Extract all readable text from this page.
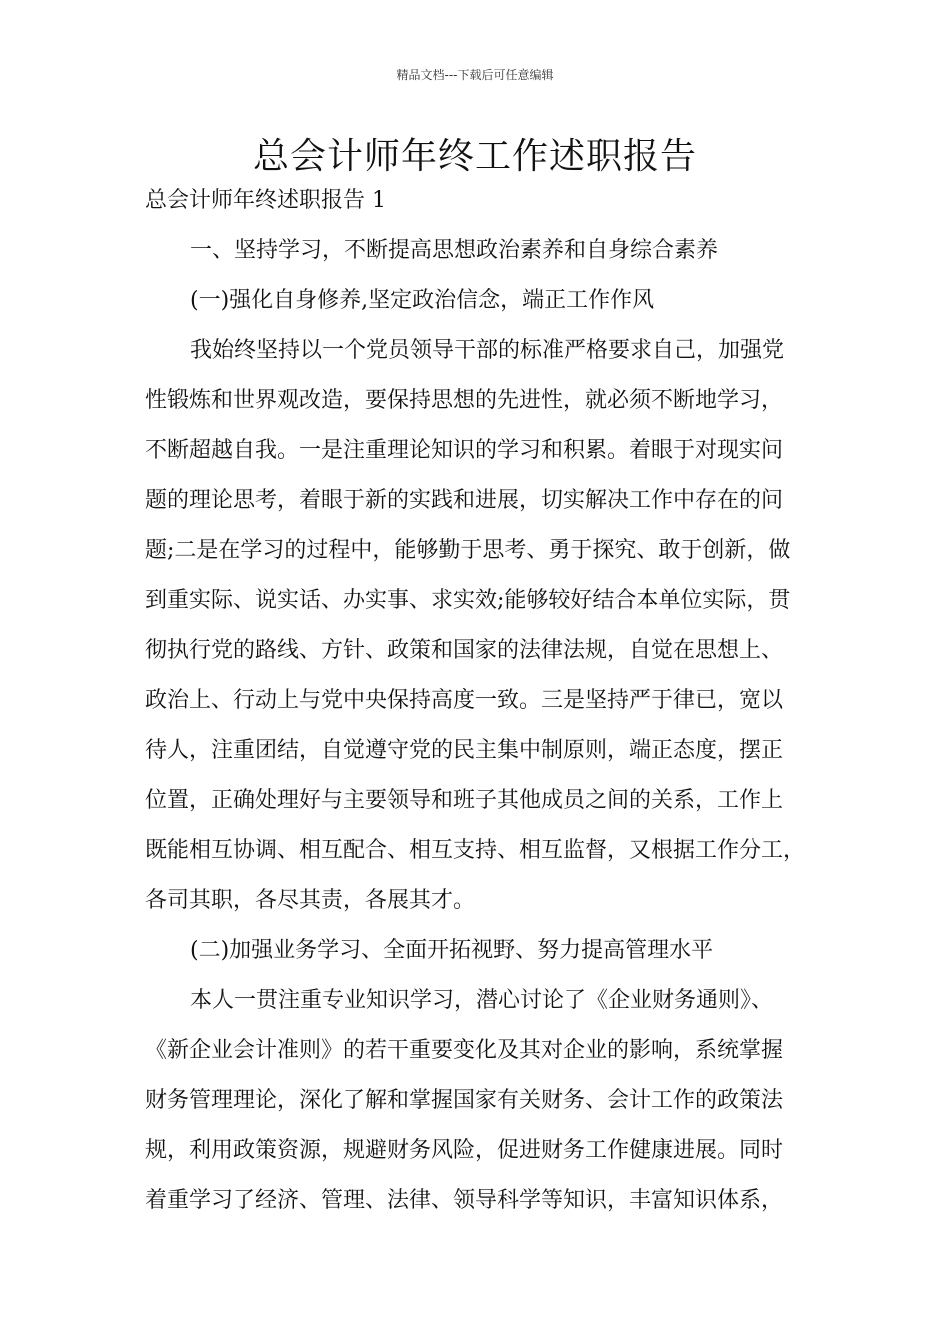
精品文档---下载后可任意编辑
总会计师年终工作述职报告

总会计师年终述职报告 1

一、坚持学习，不断提高思想政治素养和自身综合素养
(一)强化自身修养,坚定政治信念，端正工作作风
我始终坚持以一个党员领导干部的标准严格要求自己，加强党
性锻炼和世界观改造，要保持思想的先进性，就必须不断地学习，
不断超越自我。一是注重理论知识的学习和积累。着眼于对现实问
题的理论思考，着眼于新的实践和进展，切实解决工作中存在的问
题;二是在学习的过程中，能够勤于思考、勇于探究、敢于创新，做
到重实际、说实话、办实事、求实效;能够较好结合本单位实际，贯
彻执行党的路线、方针、政策和国家的法律法规，自觉在思想上、
政治上、行动上与党中央保持高度一致。三是坚持严于律已，宽以
待人，注重团结，自觉遵守党的民主集中制原则，端正态度，摆正
位置，正确处理好与主要领导和班子其他成员之间的关系，工作上
既能相互协调、相互配合、相互支持、相互监督，又根据工作分工，
各司其职，各尽其责，各展其才。
(二)加强业务学习、全面开拓视野、努力提高管理水平
本人一贯注重专业知识学习，潜心讨论了《企业财务通则》、
《新企业会计准则》的若干重要变化及其对企业的影响，系统掌握
财务管理理论，深化了解和掌握国家有关财务、会计工作的政策法
规，利用政策资源，规避财务风险，促进财务工作健康进展。同时
着重学习了经济、管理、法律、领导科学等知识，丰富知识体系，
